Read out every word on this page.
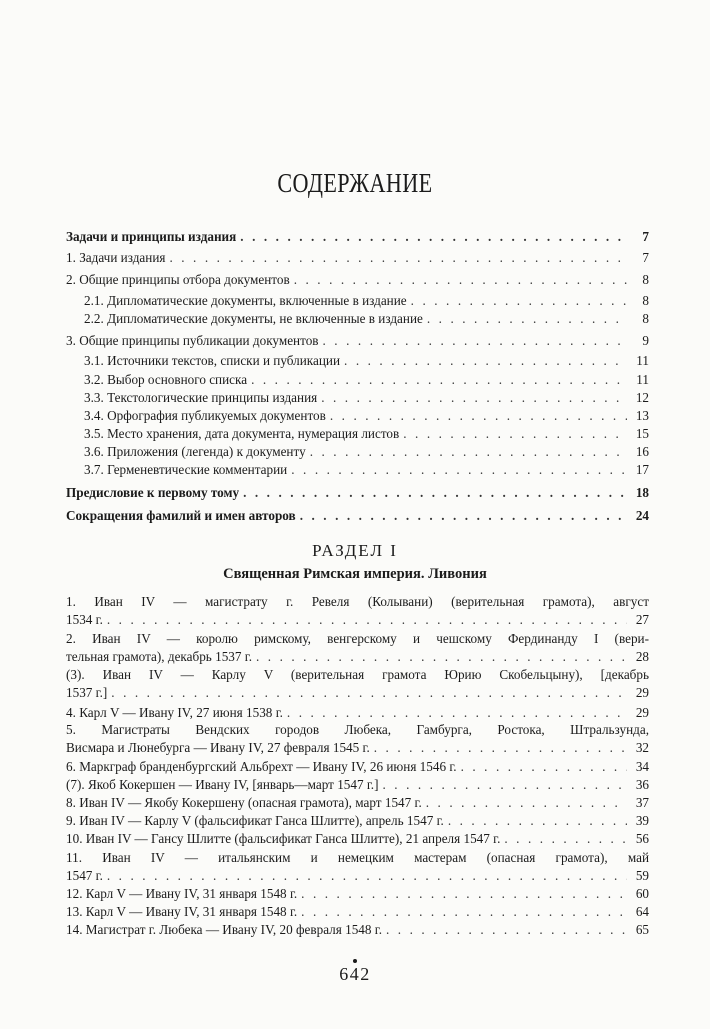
СОДЕРЖАНИЕ
Задачи и принципы издания . . .	7
1. Задачи издания . . .	7
2. Общие принципы отбора документов . . .	8
2.1. Дипломатические документы, включенные в издание . . .	8
2.2. Дипломатические документы, не включенные в издание . . .	8
3. Общие принципы публикации документов . . .	9
3.1. Источники текстов, списки и публикации . . .	11
3.2. Выбор основного списка . . .	11
3.3. Текстологические принципы издания . . .	12
3.4. Орфография публикуемых документов . . .	13
3.5. Место хранения, дата документа, нумерация листов . . .	15
3.6. Приложения (легенда) к документу . . .	16
3.7. Герменевтические комментарии . . .	17
Предисловие к первому тому . . .	18
Сокращения фамилий и имен авторов . . .	24
РАЗДЕЛ I
Священная Римская империя. Ливония
1. Иван IV — магистрату г. Ревеля (Колывани) (верительная грамота), август
1534 г. . . .	27
2. Иван IV — королю римскому, венгерскому и чешскому Фердинанду I (вери-
тельная грамота), декабрь 1537 г. . . .	28
(3). Иван IV — Карлу V (верительная грамота Юрию Скобельцыну), [декабрь
1537 г.] . . .	29
4. Карл V — Ивану IV, 27 июня 1538 г. . . .	29
5. Магистраты Вендских городов Любека, Гамбурга, Ростока, Штральзунда,
Висмара и Люнебурга — Ивану IV, 27 февраля 1545 г. . . .	32
6. Маркграф бранденбургский Альбрехт — Ивану IV, 26 июня 1546 г. . . .	34
(7). Якоб Кокершен — Ивану IV, [январь—март 1547 г.] . . .	36
8. Иван IV — Якобу Кокершену (опасная грамота), март 1547 г. . . .	37
9. Иван IV — Карлу V (фальсификат Ганса Шлитте), апрель 1547 г. . . .	39
10. Иван IV — Гансу Шлитте (фальсификат Ганса Шлитте), 21 апреля 1547 г. . . .	56
11. Иван IV — итальянским и немецким мастерам (опасная грамота), май
1547 г. . . .	59
12. Карл V — Ивану IV, 31 января 1548 г. . . .	60
13. Карл V — Ивану IV, 31 января 1548 г. . . .	64
14. Магистрат г. Любека — Ивану IV, 20 февраля 1548 г. . . .	65
642
